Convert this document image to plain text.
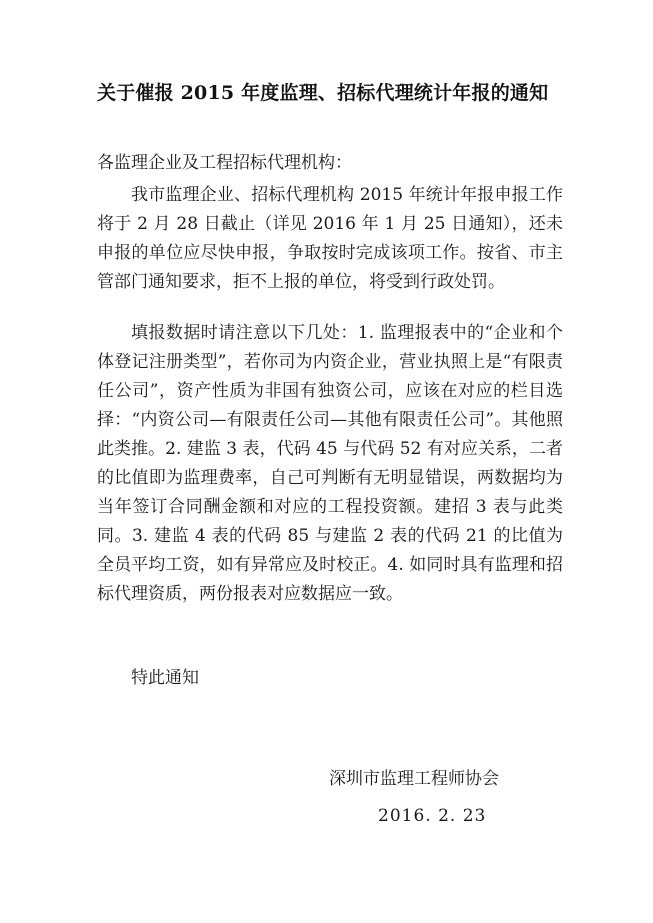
关于催报 2015 年度监理、招标代理统计年报的通知

各监理企业及工程招标代理机构：

我市监理企业、招标代理机构 2015 年统计年报申报工作将于 2 月 28 日截止（详见 2016 年 1 月 25 日通知），还未申报的单位应尽快申报，争取按时完成该项工作。按省、市主管部门通知要求，拒不上报的单位，将受到行政处罚。

填报数据时请注意以下几处：1. 监理报表中的“企业和个体登记注册类型”，若你司为内资企业，营业执照上是“有限责任公司”，资产性质为非国有独资公司，应该在对应的栏目选择：“内资公司—有限责任公司—其他有限责任公司”。其他照此类推。2. 建监 3 表，代码 45 与代码 52 有对应关系，二者的比值即为监理费率，自己可判断有无明显错误，两数据均为当年签订合同酬金额和对应的工程投资额。建招 3 表与此类同。3. 建监 4 表的代码 85 与建监 2 表的代码 21 的比值为全员平均工资，如有异常应及时校正。4. 如同时具有监理和招标代理资质，两份报表对应数据应一致。

特此通知

深圳市监理工程师协会

2016. 2. 23
